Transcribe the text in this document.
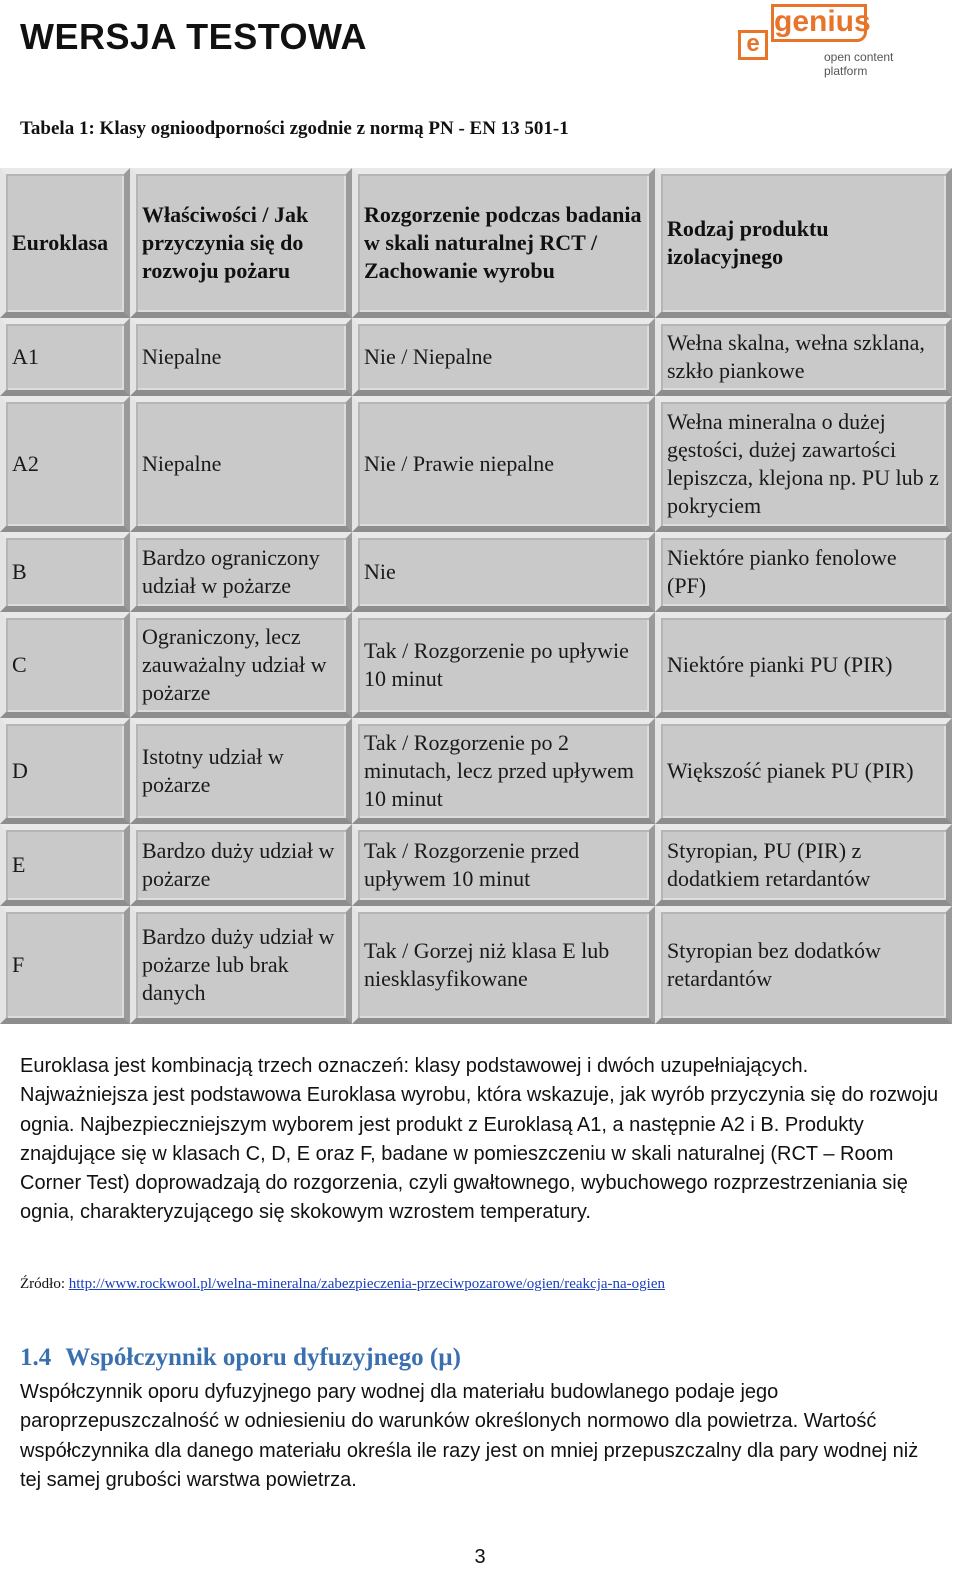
WERSJA TESTOWA	e
genius
open content
platform
Tabela 1: Klasy ognioodporności zgodnie z normą PN - EN 13 501-1
Euroklasa	Właściwości / Jak przyczynia się do rozwoju pożaru	Rozgorzenie podczas badania w skali naturalnej RCT / Zachowanie wyrobu	Rodzaj produktu izolacyjnego
A1	Niepalne	Nie / Niepalne	Wełna skalna, wełna szklana, szkło piankowe
A2	Niepalne	Nie / Prawie niepalne	Wełna mineralna o dużej gęstości, dużej zawartości lepiszcza, klejona np. PU lub z pokryciem
B	Bardzo ograniczony udział w pożarze	Nie	Niektóre pianko fenolowe (PF)
C	Ograniczony, lecz zauważalny udział w pożarze	Tak / Rozgorzenie po upływie 10 minut	Niektóre pianki PU (PIR)
D	Istotny udział w pożarze	Tak / Rozgorzenie po 2 minutach, lecz przed upływem 10 minut	Większość pianek PU (PIR)
E	Bardzo duży udział w pożarze	Tak / Rozgorzenie przed upływem 10 minut	Styropian, PU (PIR) z dodatkiem retardantów
F	Bardzo duży udział w pożarze lub brak danych	Tak / Gorzej niż klasa E lub niesklasyfikowane	Styropian bez dodatków retardantów

Euroklasa jest kombinacją trzech oznaczeń: klasy podstawowej i dwóch uzupełniających. Najważniejsza jest podstawowa Euroklasa wyrobu, która wskazuje, jak wyrób przyczynia się do rozwoju ognia. Najbezpieczniejszym wyborem jest produkt z Euroklasą A1, a następnie A2 i B. Produkty znajdujące się w klasach C, D, E oraz F, badane w pomieszczeniu w skali naturalnej (RCT – Room Corner Test) doprowadzają do rozgorzenia, czyli gwałtownego, wybuchowego rozprzestrzeniania się ognia, charakteryzującego się skokowym wzrostem temperatury.

Źródło: http://www.rockwool.pl/welna-mineralna/zabezpieczenia-przeciwpozarowe/ogien/reakcja-na-ogien
1.4 Współczynnik oporu dyfuzyjnego (µ)

Współczynnik oporu dyfuzyjnego pary wodnej dla materiału budowlanego podaje jego paroprzepuszczalność w odniesieniu do warunków określonych normowo dla powietrza. Wartość współczynnika dla danego materiału określa ile razy jest on mniej przepuszczalny dla pary wodnej niż tej samej grubości warstwa powietrza.

3
